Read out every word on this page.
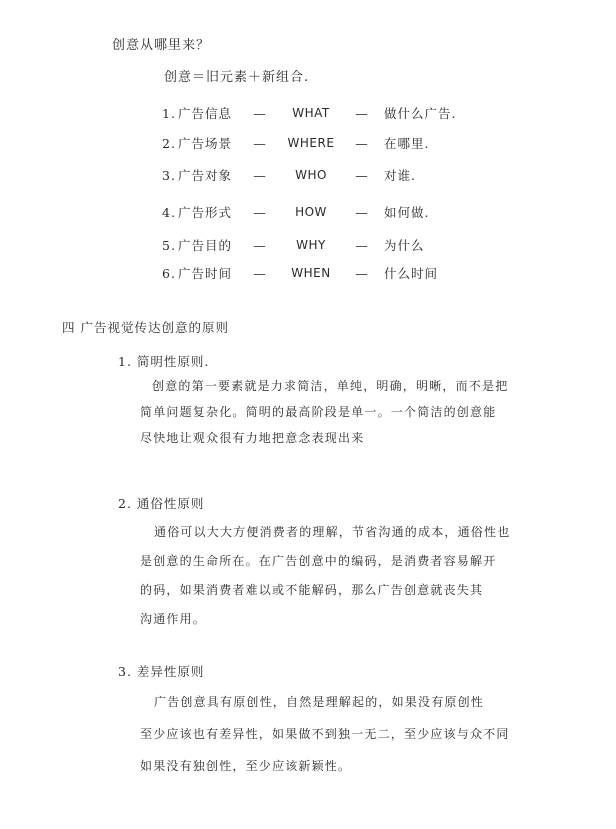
创意从哪里来？
创意＝旧元素＋新组合.
1. 广告信息	—	WHAT	—	做什么广告.
2. 广告场景	—	WHERE	—	在哪里.
3. 广告对象	—	WHO	—	对谁.
4. 广告形式	—	HOW	—	如何做.
5. 广告目的	—	WHY	—	为什么
6. 广告时间	—	WHEN	—	什么时间
四 广告视觉传达创意的原则
1. 简明性原则.
创意的第一要素就是力求简洁，单纯，明确，明晰，而不是把
简单问题复杂化。简明的最高阶段是单一。一个简洁的创意能
尽快地让观众很有力地把意念表现出来
2. 通俗性原则
通俗可以大大方便消费者的理解，节省沟通的成本，通俗性也
是创意的生命所在。在广告创意中的编码，是消费者容易解开
的码，如果消费者难以或不能解码，那么广告创意就丧失其
沟通作用。
3. 差异性原则
广告创意具有原创性，自然是理解起的，如果没有原创性
至少应该也有差异性，如果做不到独一无二，至少应该与众不同
如果没有独创性，至少应该新颖性。
